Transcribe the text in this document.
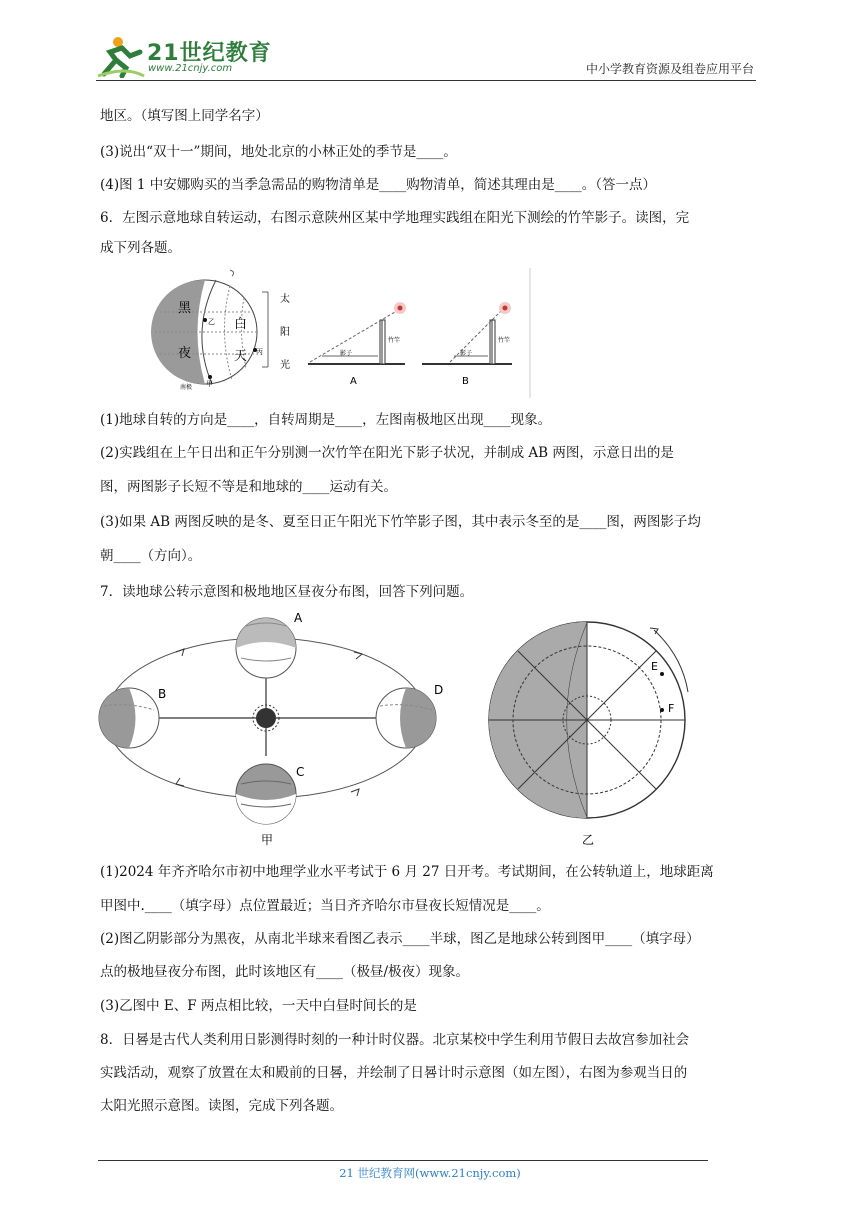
21世纪教育
www.21cnjy.com	中小学教育资源及组卷应用平台
地区。（填写图上同学名字）
(3)说出“双十一”期间，地处北京的小林正处的季节是____。
(4)图 1 中安娜购买的当季急需品的购物清单是____购物清单，简述其理由是____。（答一点）
6．左图示意地球自转运动，右图示意陕州区某中学地理实践组在阳光下测绘的竹竿影子。读图，完
成下列各题。
黑
夜
白
天
乙
丙
甲
南极
太
阳
光
影子
竹竿
A
影子
竹竿
B
(1)地球自转的方向是____，自转周期是____，左图南极地区出现____现象。
(2)实践组在上午日出和正午分别测一次竹竿在阳光下影子状况，并制成 AB 两图，示意日出的是
图，两图影子长短不等是和地球的____运动有关。
(3)如果 AB 两图反映的是冬、夏至日正午阳光下竹竿影子图，其中表示冬至的是____图，两图影子均
朝____（方向）。
7．读地球公转示意图和极地地区昼夜分布图，回答下列问题。
A
B	D
C
甲
E
F
乙
(1)2024 年齐齐哈尔市初中地理学业水平考试于 6 月 27 日开考。考试期间，在公转轨道上，地球距离
甲图中.____（填字母）点位置最近；当日齐齐哈尔市昼夜长短情况是____。
(2)图乙阴影部分为黑夜，从南北半球来看图乙表示____半球，图乙是地球公转到图甲____（填字母）
点的极地昼夜分布图，此时该地区有____（极昼/极夜）现象。
(3)乙图中 E、F 两点相比较，一天中白昼时间长的是
8．日晷是古代人类利用日影测得时刻的一种计时仪器。北京某校中学生利用节假日去故宫参加社会
实践活动，观察了放置在太和殿前的日晷，并绘制了日晷计时示意图（如左图），右图为参观当日的
太阳光照示意图。读图，完成下列各题。
21 世纪教育网(www.21cnjy.com)
